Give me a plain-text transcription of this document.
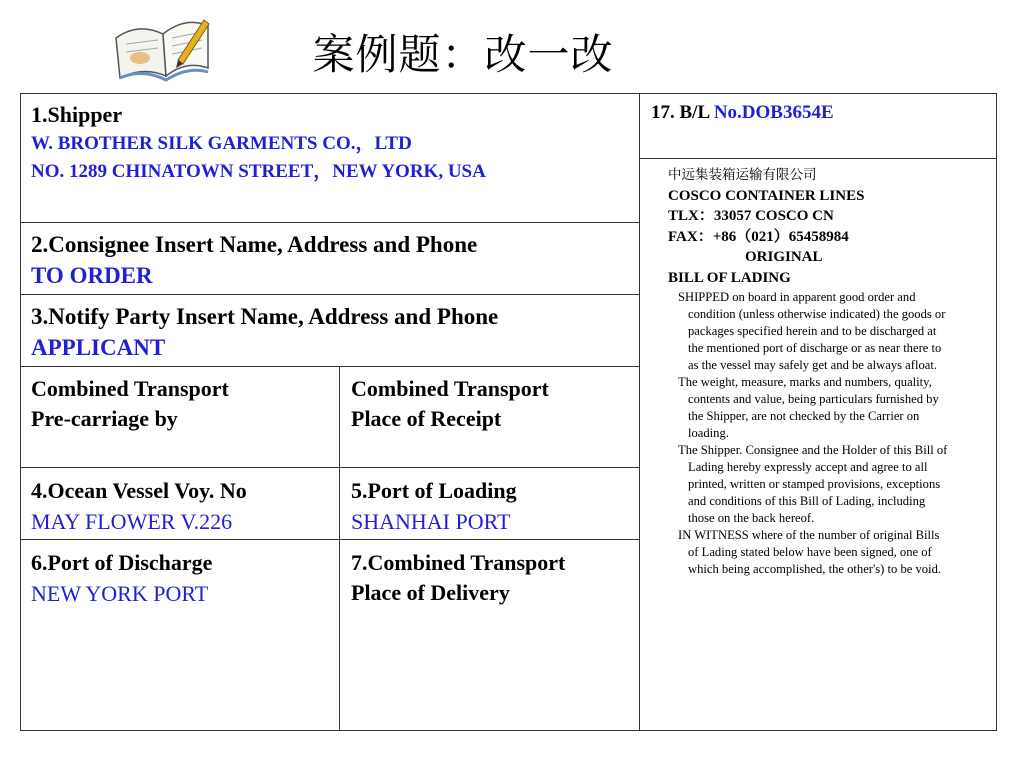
案例题：改一改
1.Shipper
W. BROTHER SILK GARMENTS CO.，LTD
NO. 1289 CHINATOWN STREET，NEW YORK, USA
17. B/L No.DOB3654E
中远集装箱运输有限公司
COSCO CONTAINER LINES
TLX：33057 COSCO CN
FAX：+86（021）65458984
ORIGINAL
BILL OF LADING
SHIPPED on board in apparent good order and
condition (unless otherwise indicated) the goods or
packages specified herein and to be discharged at
the mentioned port of discharge or as near there to
as the vessel may safely get and be always afloat.
The weight, measure, marks and numbers, quality,
contents and value, being particulars furnished by
the Shipper, are not checked by the Carrier on
loading.
The Shipper. Consignee and the Holder of this Bill of
Lading hereby expressly accept and agree to all
printed, written or stamped provisions, exceptions
and conditions of this Bill of Lading, including
those on the back hereof.
IN WITNESS where of the number of original Bills
of Lading stated below have been signed, one of
which being accomplished, the other's) to be void.
2.Consignee Insert Name, Address and Phone
TO ORDER
3.Notify Party Insert Name, Address and Phone
APPLICANT
Combined Transport
Pre-carriage by
Combined Transport
Place of Receipt
4.Ocean Vessel Voy. No
MAY FLOWER V.226
5.Port of Loading
SHANHAI PORT
6.Port of Discharge
NEW YORK PORT
7.Combined Transport
Place of Delivery
